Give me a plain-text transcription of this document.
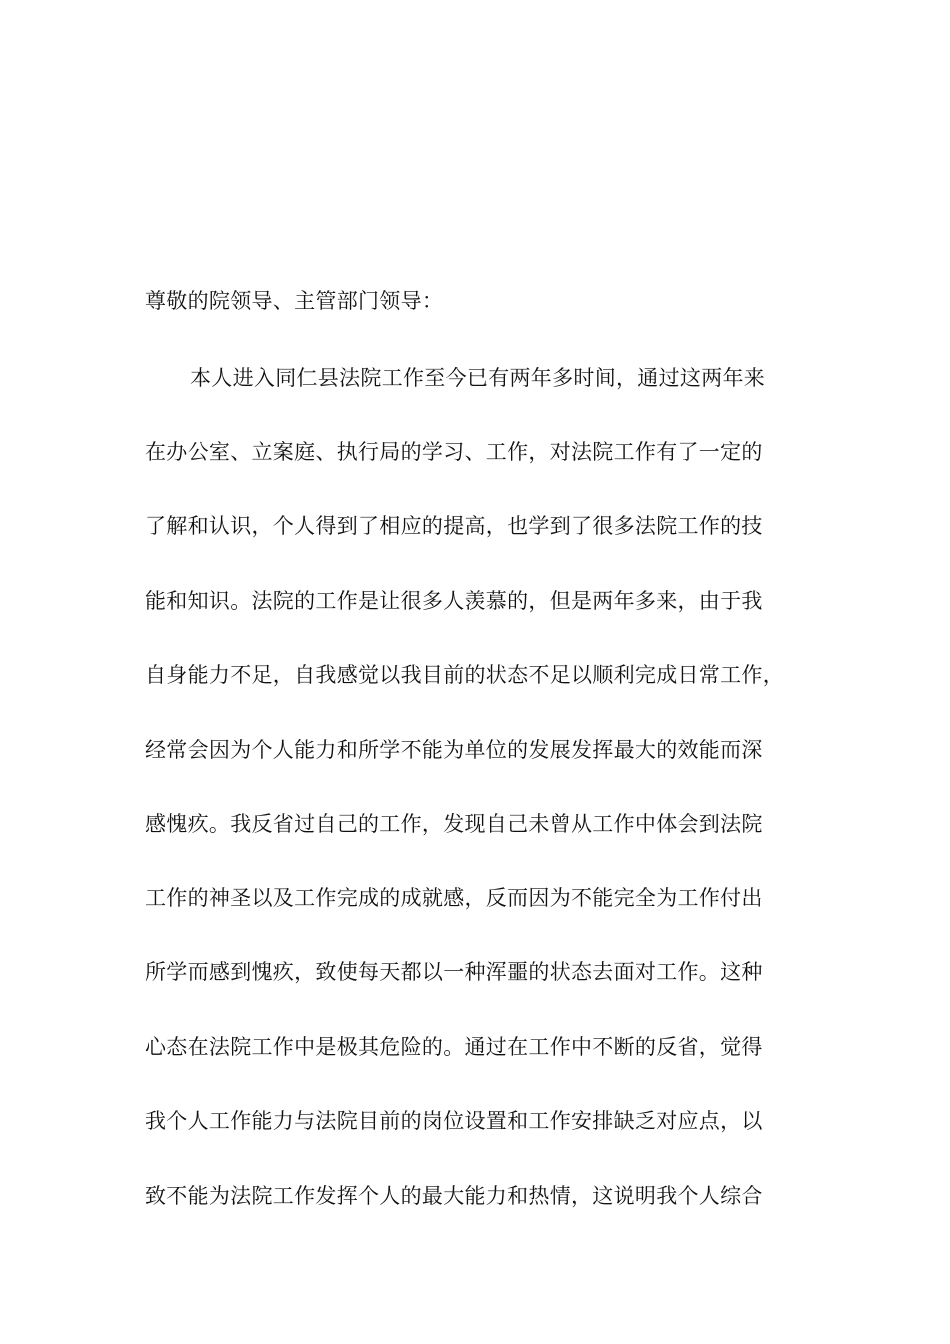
尊敬的院领导、主管部门领导：
本人进入同仁县法院工作至今已有两年多时间，通过这两年来
在办公室、立案庭、执行局的学习、工作，对法院工作有了一定的
了解和认识，个人得到了相应的提高，也学到了很多法院工作的技
能和知识。法院的工作是让很多人羡慕的，但是两年多来，由于我
自身能力不足，自我感觉以我目前的状态不足以顺利完成日常工作，
经常会因为个人能力和所学不能为单位的发展发挥最大的效能而深
感愧疚。我反省过自己的工作，发现自己未曾从工作中体会到法院
工作的神圣以及工作完成的成就感，反而因为不能完全为工作付出
所学而感到愧疚，致使每天都以一种浑噩的状态去面对工作。这种
心态在法院工作中是极其危险的。通过在工作中不断的反省，觉得
我个人工作能力与法院目前的岗位设置和工作安排缺乏对应点，以
致不能为法院工作发挥个人的最大能力和热情，这说明我个人综合
